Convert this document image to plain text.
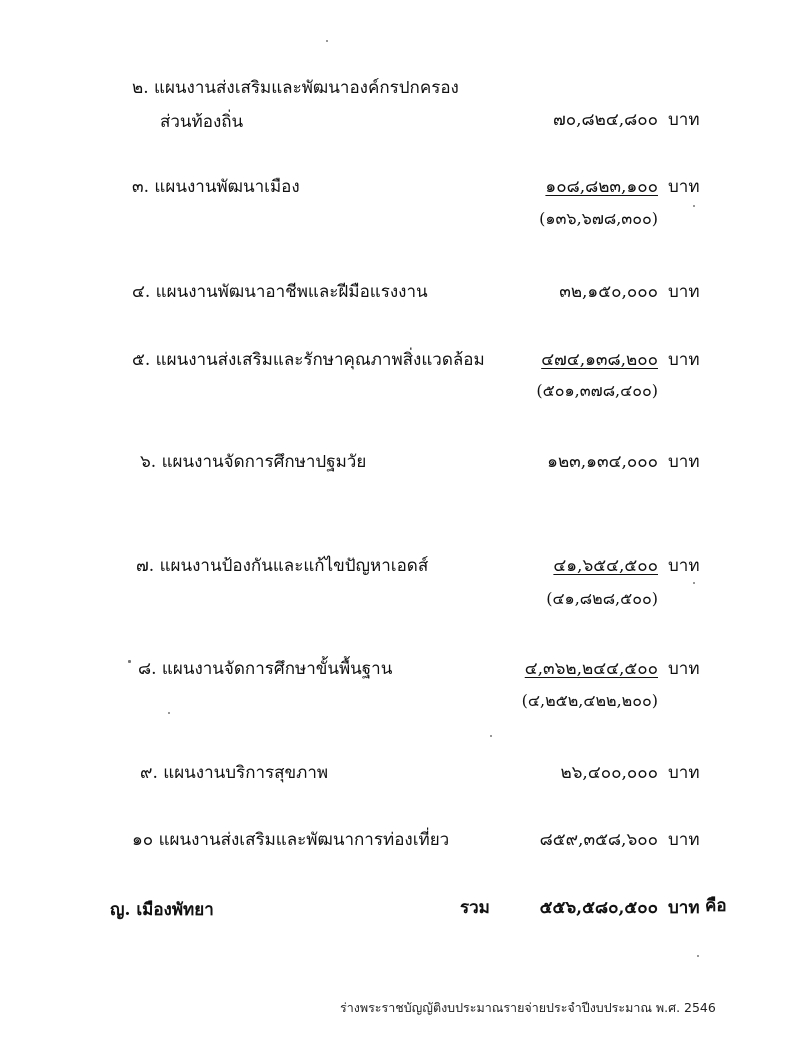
๒. แผนงานส่งเสริมและพัฒนาองค์กรปกครอง
ส่วนท้องถิ่น	๗๐,๘๒๔,๘๐๐ บาท
๓. แผนงานพัฒนาเมือง	๑๐๘,๘๒๓,๑๐๐ บาท
(๑๓๖,๖๗๘,๓๐๐)
๔. แผนงานพัฒนาอาชีพและฝีมือแรงงาน	๓๒,๑๕๐,๐๐๐ บาท
๕. แผนงานส่งเสริมและรักษาคุณภาพสิ่งแวดล้อม	๔๗๔,๑๓๘,๒๐๐ บาท
(๕๐๑,๓๗๘,๔๐๐)
๖. แผนงานจัดการศึกษาปฐมวัย	๑๒๓,๑๓๔,๐๐๐ บาท
๗. แผนงานป้องกันและแก้ไขปัญหาเอดส์	๔๑,๖๕๔,๕๐๐ บาท
(๔๑,๘๒๘,๕๐๐)
๘. แผนงานจัดการศึกษาขั้นพื้นฐาน	๔,๓๖๒,๒๔๔,๕๐๐ บาท
(๔,๒๕๒,๔๒๒,๒๐๐)
๙. แผนงานบริการสุขภาพ	๒๖,๔๐๐,๐๐๐ บาท
๑๐ แผนงานส่งเสริมและพัฒนาการท่องเที่ยว	๘๕๙,๓๕๘,๖๐๐ บาท
ญ. เมืองพัทยา	รวม	๕๕๖,๕๘๐,๕๐๐ บาท คือ
ร่างพระราชบัญญัติงบประมาณรายจ่ายประจำปีงบประมาณ พ.ศ. 2546
